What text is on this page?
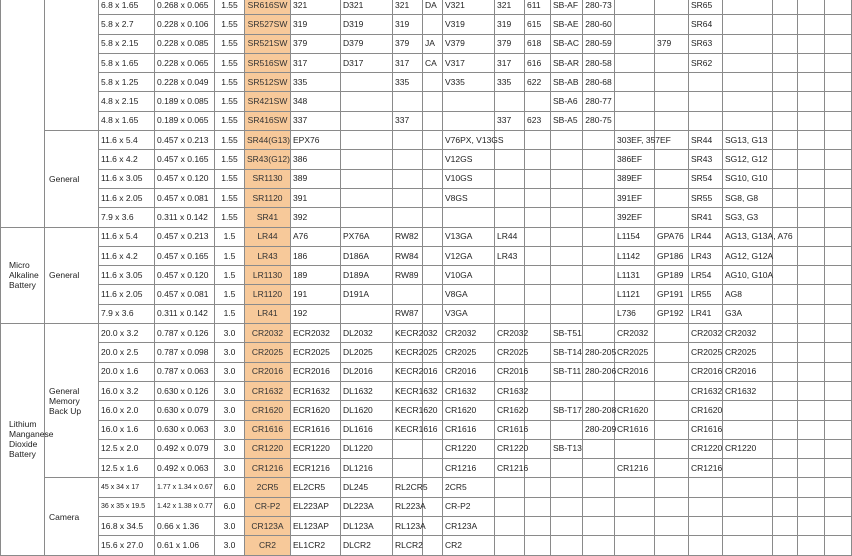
		6.8 x 1.65	0.268 x 0.065	1.55	SR616SW	321	D321	321	DA	V321	321	611	SB-AF	280-73			SR65				
		5.8 x 2.7	0.228 x 0.106	1.55	SR527SW	319	D319	319		V319	319	615	SB-AE	280-60			SR64				
		5.8 x 2.15	0.228 x 0.085	1.55	SR521SW	379	D379	379	JA	V379	379	618	SB-AC	280-59		379	SR63				
		5.8 x 1.65	0.228 x 0.065	1.55	SR516SW	317	D317	317	CA	V317	317	616	SB-AR	280-58			SR62				
		5.8 x 1.25	0.228 x 0.049	1.55	SR512SW	335		335		V335	335	622	SB-AB	280-68							
		4.8 x 2.15	0.189 x 0.085	1.55	SR421SW	348							SB-A6	280-77							
		4.8 x 1.65	0.189 x 0.065	1.55	SR416SW	337		337			337	623	SB-A5	280-75							
	General	11.6 x 5.4	0.457 x 0.213	1.55	SR44(G13)	EPX76				V76PX, V13GS					303EF, 357EF		SR44	SG13, G13			
		11.6 x 4.2	0.457 x 0.165	1.55	SR43(G12)	386				V12GS					386EF		SR43	SG12, G12			
		11.6 x 3.05	0.457 x 0.120	1.55	SR1130	389				V10GS					389EF		SR54	SG10, G10			
		11.6 x 2.05	0.457 x 0.081	1.55	SR1120	391				V8GS					391EF		SR55	SG8, G8			
		7.9 x 3.6	0.311 x 0.142	1.55	SR41	392									392EF		SR41	SG3, G3			
Micro Alkaline Battery	General	11.6 x 5.4	0.457 x 0.213	1.5	LR44	A76	PX76A	RW82		V13GA	LR44				L1154	GPA76	LR44	AG13, G13A, A76			
		11.6 x 4.2	0.457 x 0.165	1.5	LR43	186	D186A	RW84		V12GA	LR43				L1142	GP186	LR43	AG12, G12A			
		11.6 x 3.05	0.457 x 0.120	1.5	LR1130	189	D189A	RW89		V10GA					L1131	GP189	LR54	AG10, G10A			
		11.6 x 2.05	0.457 x 0.081	1.5	LR1120	191	D191A			V8GA					L1121	GP191	LR55	AG8			
		7.9 x 3.6	0.311 x 0.142	1.5	LR41	192		RW87		V3GA					L736	GP192	LR41	G3A			
Lithium Manganese Dioxide Battery	General Memory Back Up	20.0 x 3.2	0.787 x 0.126	3.0	CR2032	ECR2032	DL2032	KECR2032		CR2032	CR2032		SB-T51		CR2032		CR2032	CR2032			
		20.0 x 2.5	0.787 x 0.098	3.0	CR2025	ECR2025	DL2025	KECR2025		CR2025	CR2025		SB-T14	280-205	CR2025		CR2025	CR2025			
		20.0 x 1.6	0.787 x 0.063	3.0	CR2016	ECR2016	DL2016	KECR2016		CR2016	CR2016		SB-T11	280-206	CR2016		CR2016	CR2016			
		16.0 x 3.2	0.630 x 0.126	3.0	CR1632	ECR1632	DL1632	KECR1632		CR1632	CR1632						CR1632	CR1632			
		16.0 x 2.0	0.630 x 0.079	3.0	CR1620	ECR1620	DL1620	KECR1620		CR1620	CR1620		SB-T17	280-208	CR1620		CR1620				
		16.0 x 1.6	0.630 x 0.063	3.0	CR1616	ECR1616	DL1616	KECR1616		CR1616	CR1616			280-209	CR1616		CR1616				
		12.5 x 2.0	0.492 x 0.079	3.0	CR1220	ECR1220	DL1220			CR1220	CR1220		SB-T13				CR1220	CR1220			
		12.5 x 1.6	0.492 x 0.063	3.0	CR1216	ECR1216	DL1216			CR1216	CR1216				CR1216		CR1216				
	Camera	45 x 34 x 17	1.77 x 1.34 x 0.67	6.0	2CR5	EL2CR5	DL245	RL2CR5		2CR5											
		36 x 35 x 19.5	1.42 x 1.38 x 0.77	6.0	CR-P2	EL223AP	DL223A	RL223A		CR-P2											
		16.8 x 34.5	0.66 x 1.36	3.0	CR123A	EL123AP	DL123A	RL123A		CR123A											
		15.6 x 27.0	0.61 x 1.06	3.0	CR2	EL1CR2	DLCR2	RLCR2		CR2											
